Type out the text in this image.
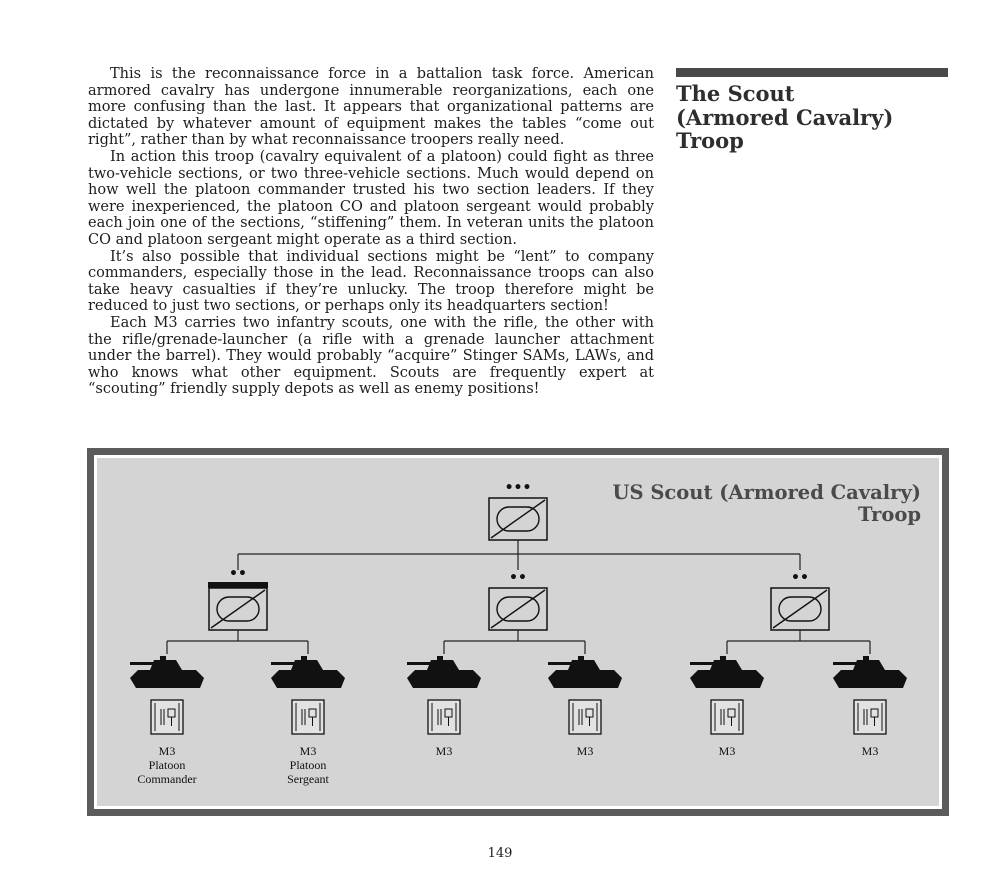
This is the reconnaissance force in a battalion task force. American armored cavalry has undergone innumerable reorganizations, each one more confusing than the last. It appears that organizational patterns are dictated by whatever amount of equipment makes the tables “come out right”, rather than by what reconnaissance troopers really need.

In action this troop (cavalry equivalent of a platoon) could fight as three two-vehicle sections, or two three-vehicle sections. Much would depend on how well the platoon commander trusted his two section leaders. If they were inexperienced, the platoon CO and platoon sergeant would probably each join one of the sections, “stiffening” them. In veteran units the platoon CO and platoon sergeant might operate as a third section.

It’s also possible that individual sections might be “lent” to company commanders, especially those in the lead. Reconnaissance troops can also take heavy casualties if they’re unlucky. The troop therefore might be reduced to just two sections, or perhaps only its headquarters section!

Each M3 carries two infantry scouts, one with the rifle, the other with the rifle/grenade-launcher (a rifle with a grenade launcher attachment under the barrel). They would probably “acquire” Stinger SAMs, LAWs, and who knows what other equipment. Scouts are frequently expert at “scouting” friendly supply depots as well as enemy positions!

The Scout
(Armored Cavalry)
Troop
US Scout (Armored Cavalry)
Troop
•••
••	••	••
M3
Platoon
Commander
M3
Platoon
Sergeant
M3	M3	M3	M3
149
